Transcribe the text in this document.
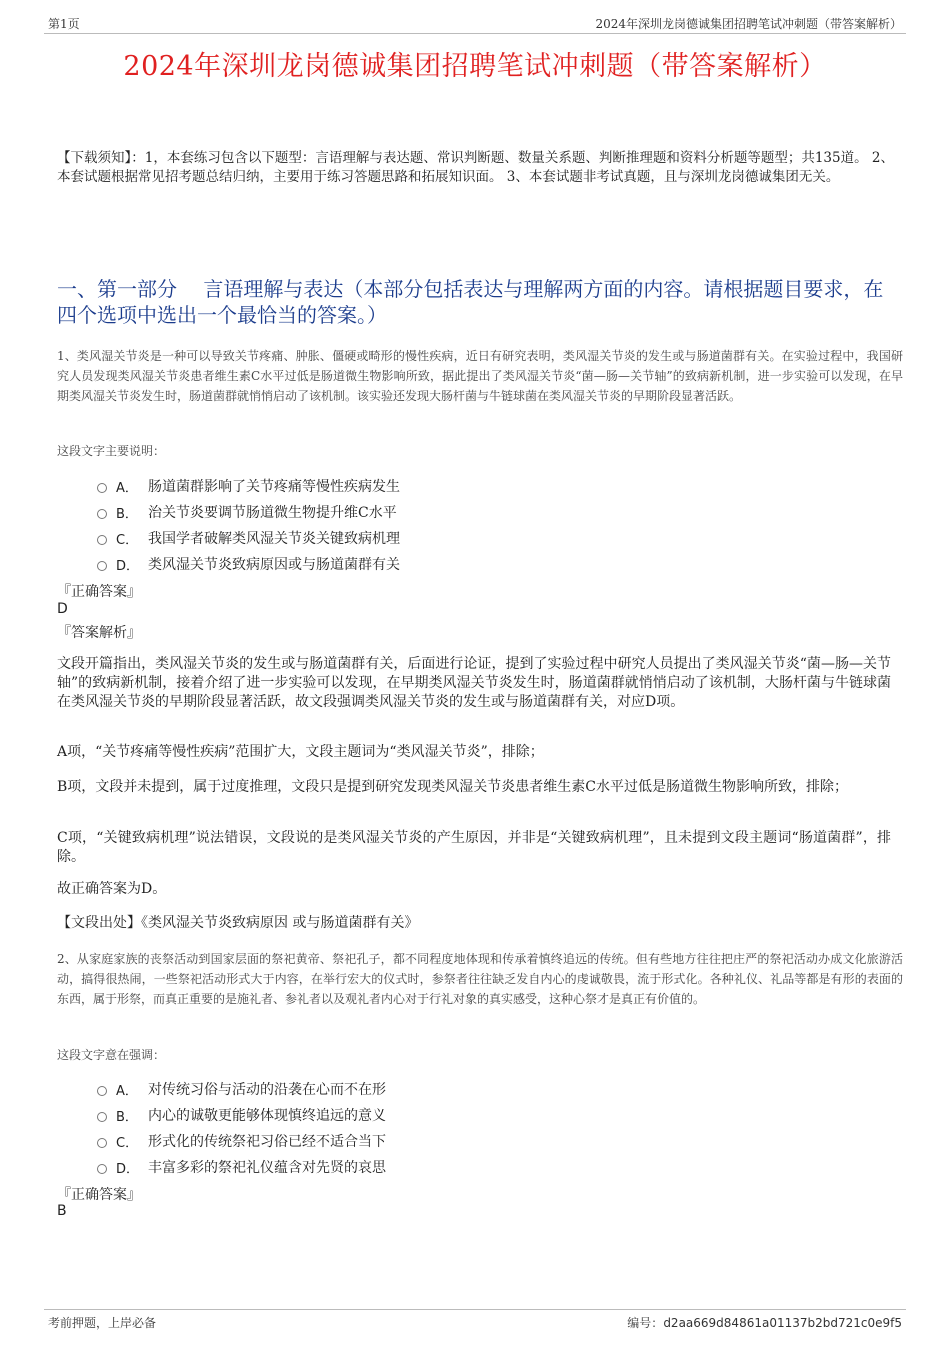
第1页	2024年深圳龙岗德诚集团招聘笔试冲刺题（带答案解析）
2024年深圳龙岗德诚集团招聘笔试冲刺题（带答案解析）
【下载须知】：1，本套练习包含以下题型：言语理解与表达题、常识判断题、数量关系题、判断推理题和资料分析题等题型；共135道。 2、本套试题根据常见招考题总结归纳，主要用于练习答题思路和拓展知识面。 3、本套试题非考试真题，且与深圳龙岗德诚集团无关。
一、第一部分　 言语理解与表达（本部分包括表达与理解两方面的内容。请根据题目要求，在四个选项中选出一个最恰当的答案。）
1、类风湿关节炎是一种可以导致关节疼痛、肿胀、僵硬或畸形的慢性疾病，近日有研究表明，类风湿关节炎的发生或与肠道菌群有关。在实验过程中，我国研究人员发现类风湿关节炎患者维生素C水平过低是肠道微生物影响所致，据此提出了类风湿关节炎“菌—肠—关节轴”的致病新机制，进一步实验可以发现，在早期类风湿关节炎发生时，肠道菌群就悄悄启动了该机制。该实验还发现大肠杆菌与牛链球菌在类风湿关节炎的早期阶段显著活跃。
这段文字主要说明：
A． 肠道菌群影响了关节疼痛等慢性疾病发生
B． 治关节炎要调节肠道微生物提升维C水平
C． 我国学者破解类风湿关节炎关键致病机理
D． 类风湿关节炎致病原因或与肠道菌群有关
『正确答案』
D
『答案解析』
文段开篇指出，类风湿关节炎的发生或与肠道菌群有关，后面进行论证，提到了实验过程中研究人员提出了类风湿关节炎“菌—肠—关节轴”的致病新机制，接着介绍了进一步实验可以发现，在早期类风湿关节炎发生时，肠道菌群就悄悄启动了该机制，大肠杆菌与牛链球菌在类风湿关节炎的早期阶段显著活跃，故文段强调类风湿关节炎的发生或与肠道菌群有关，对应D项。
A项，“关节疼痛等慢性疾病”范围扩大，文段主题词为“类风湿关节炎”，排除；
B项，文段并未提到，属于过度推理，文段只是提到研究发现类风湿关节炎患者维生素C水平过低是肠道微生物影响所致，排除；
C项，“关键致病机理”说法错误，文段说的是类风湿关节炎的产生原因，并非是“关键致病机理”，且未提到文段主题词“肠道菌群”，排除。
故正确答案为D。
【文段出处】《类风湿关节炎致病原因 或与肠道菌群有关》
2、从家庭家族的丧祭活动到国家层面的祭祀黄帝、祭祀孔子，都不同程度地体现和传承着慎终追远的传统。但有些地方往往把庄严的祭祀活动办成文化旅游活动，搞得很热闹，一些祭祀活动形式大于内容，在举行宏大的仪式时，参祭者往往缺乏发自内心的虔诚敬畏，流于形式化。各种礼仪、礼品等都是有形的表面的东西，属于形祭，而真正重要的是施礼者、参礼者以及观礼者内心对于行礼对象的真实感受，这种心祭才是真正有价值的。
这段文字意在强调：
A． 对传统习俗与活动的沿袭在心而不在形
B． 内心的诚敬更能够体现慎终追远的意义
C． 形式化的传统祭祀习俗已经不适合当下
D． 丰富多彩的祭祀礼仪蕴含对先贤的哀思
『正确答案』
B
考前押题，上岸必备	编号：d2aa669d84861a01137b2bd721c0e9f5
